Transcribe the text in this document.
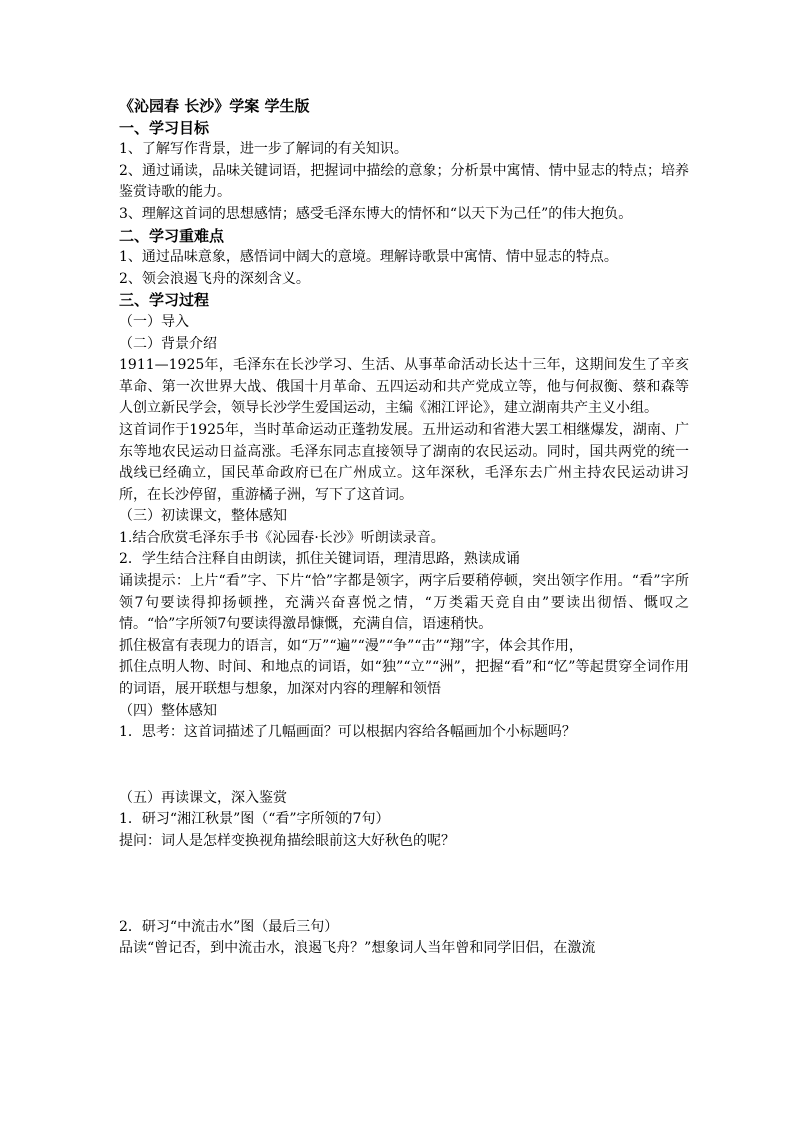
《沁园春 长沙》学案 学生版
一、学习目标
1、了解写作背景，进一步了解词的有关知识。
2、通过诵读，品味关键词语，把握词中描绘的意象；分析景中寓情、情中显志的特点；培养鉴赏诗歌的能力。
3、理解这首词的思想感情；感受毛泽东博大的情怀和“以天下为己任”的伟大抱负。
二、学习重难点
1、通过品味意象，感悟词中阔大的意境。理解诗歌景中寓情、情中显志的特点。
2、领会浪遏飞舟的深刻含义。
三、学习过程
（一）导入
（二）背景介绍
1911—1925年，毛泽东在长沙学习、生活、从事革命活动长达十三年，这期间发生了辛亥革命、第一次世界大战、俄国十月革命、五四运动和共产党成立等，他与何叔衡、蔡和森等人创立新民学会，领导长沙学生爱国运动，主编《湘江评论》，建立湖南共产主义小组。
这首词作于1925年，当时革命运动正蓬勃发展。五卅运动和省港大罢工相继爆发，湖南、广东等地农民运动日益高涨。毛泽东同志直接领导了湖南的农民运动。同时，国共两党的统一战线已经确立，国民革命政府已在广州成立。这年深秋，毛泽东去广州主持农民运动讲习所，在长沙停留，重游橘子洲，写下了这首词。
（三）初读课文，整体感知
1.结合欣赏毛泽东手书《沁园春·长沙》听朗读录音。
2．学生结合注释自由朗读，抓住关键词语，理清思路，熟读成诵
诵读提示：上片“看”字、下片“恰”字都是领字，两字后要稍停顿，突出领字作用。“看”字所领7句要读得抑扬顿挫，充满兴奋喜悦之情，“万类霜天竞自由”要读出彻悟、慨叹之情。“恰”字所领7句要读得激昂慷慨，充满自信，语速稍快。
抓住极富有表现力的语言，如“万”“遍”“漫”“争”“击”“翔”字，体会其作用，
抓住点明人物、时间、和地点的词语，如“独”“立”“洲”，把握“看”和“忆”等起贯穿全词作用的词语，展开联想与想象，加深对内容的理解和领悟
（四）整体感知
1．思考：这首词描述了几幅画面？可以根据内容给各幅画加个小标题吗？
（五）再读课文，深入鉴赏
1．研习“湘江秋景”图（“看”字所领的7句）
提问：词人是怎样变换视角描绘眼前这大好秋色的呢？
2．研习“中流击水”图（最后三句）
品读“曾记否，到中流击水，浪遏飞舟？”想象词人当年曾和同学旧侣，在激流
